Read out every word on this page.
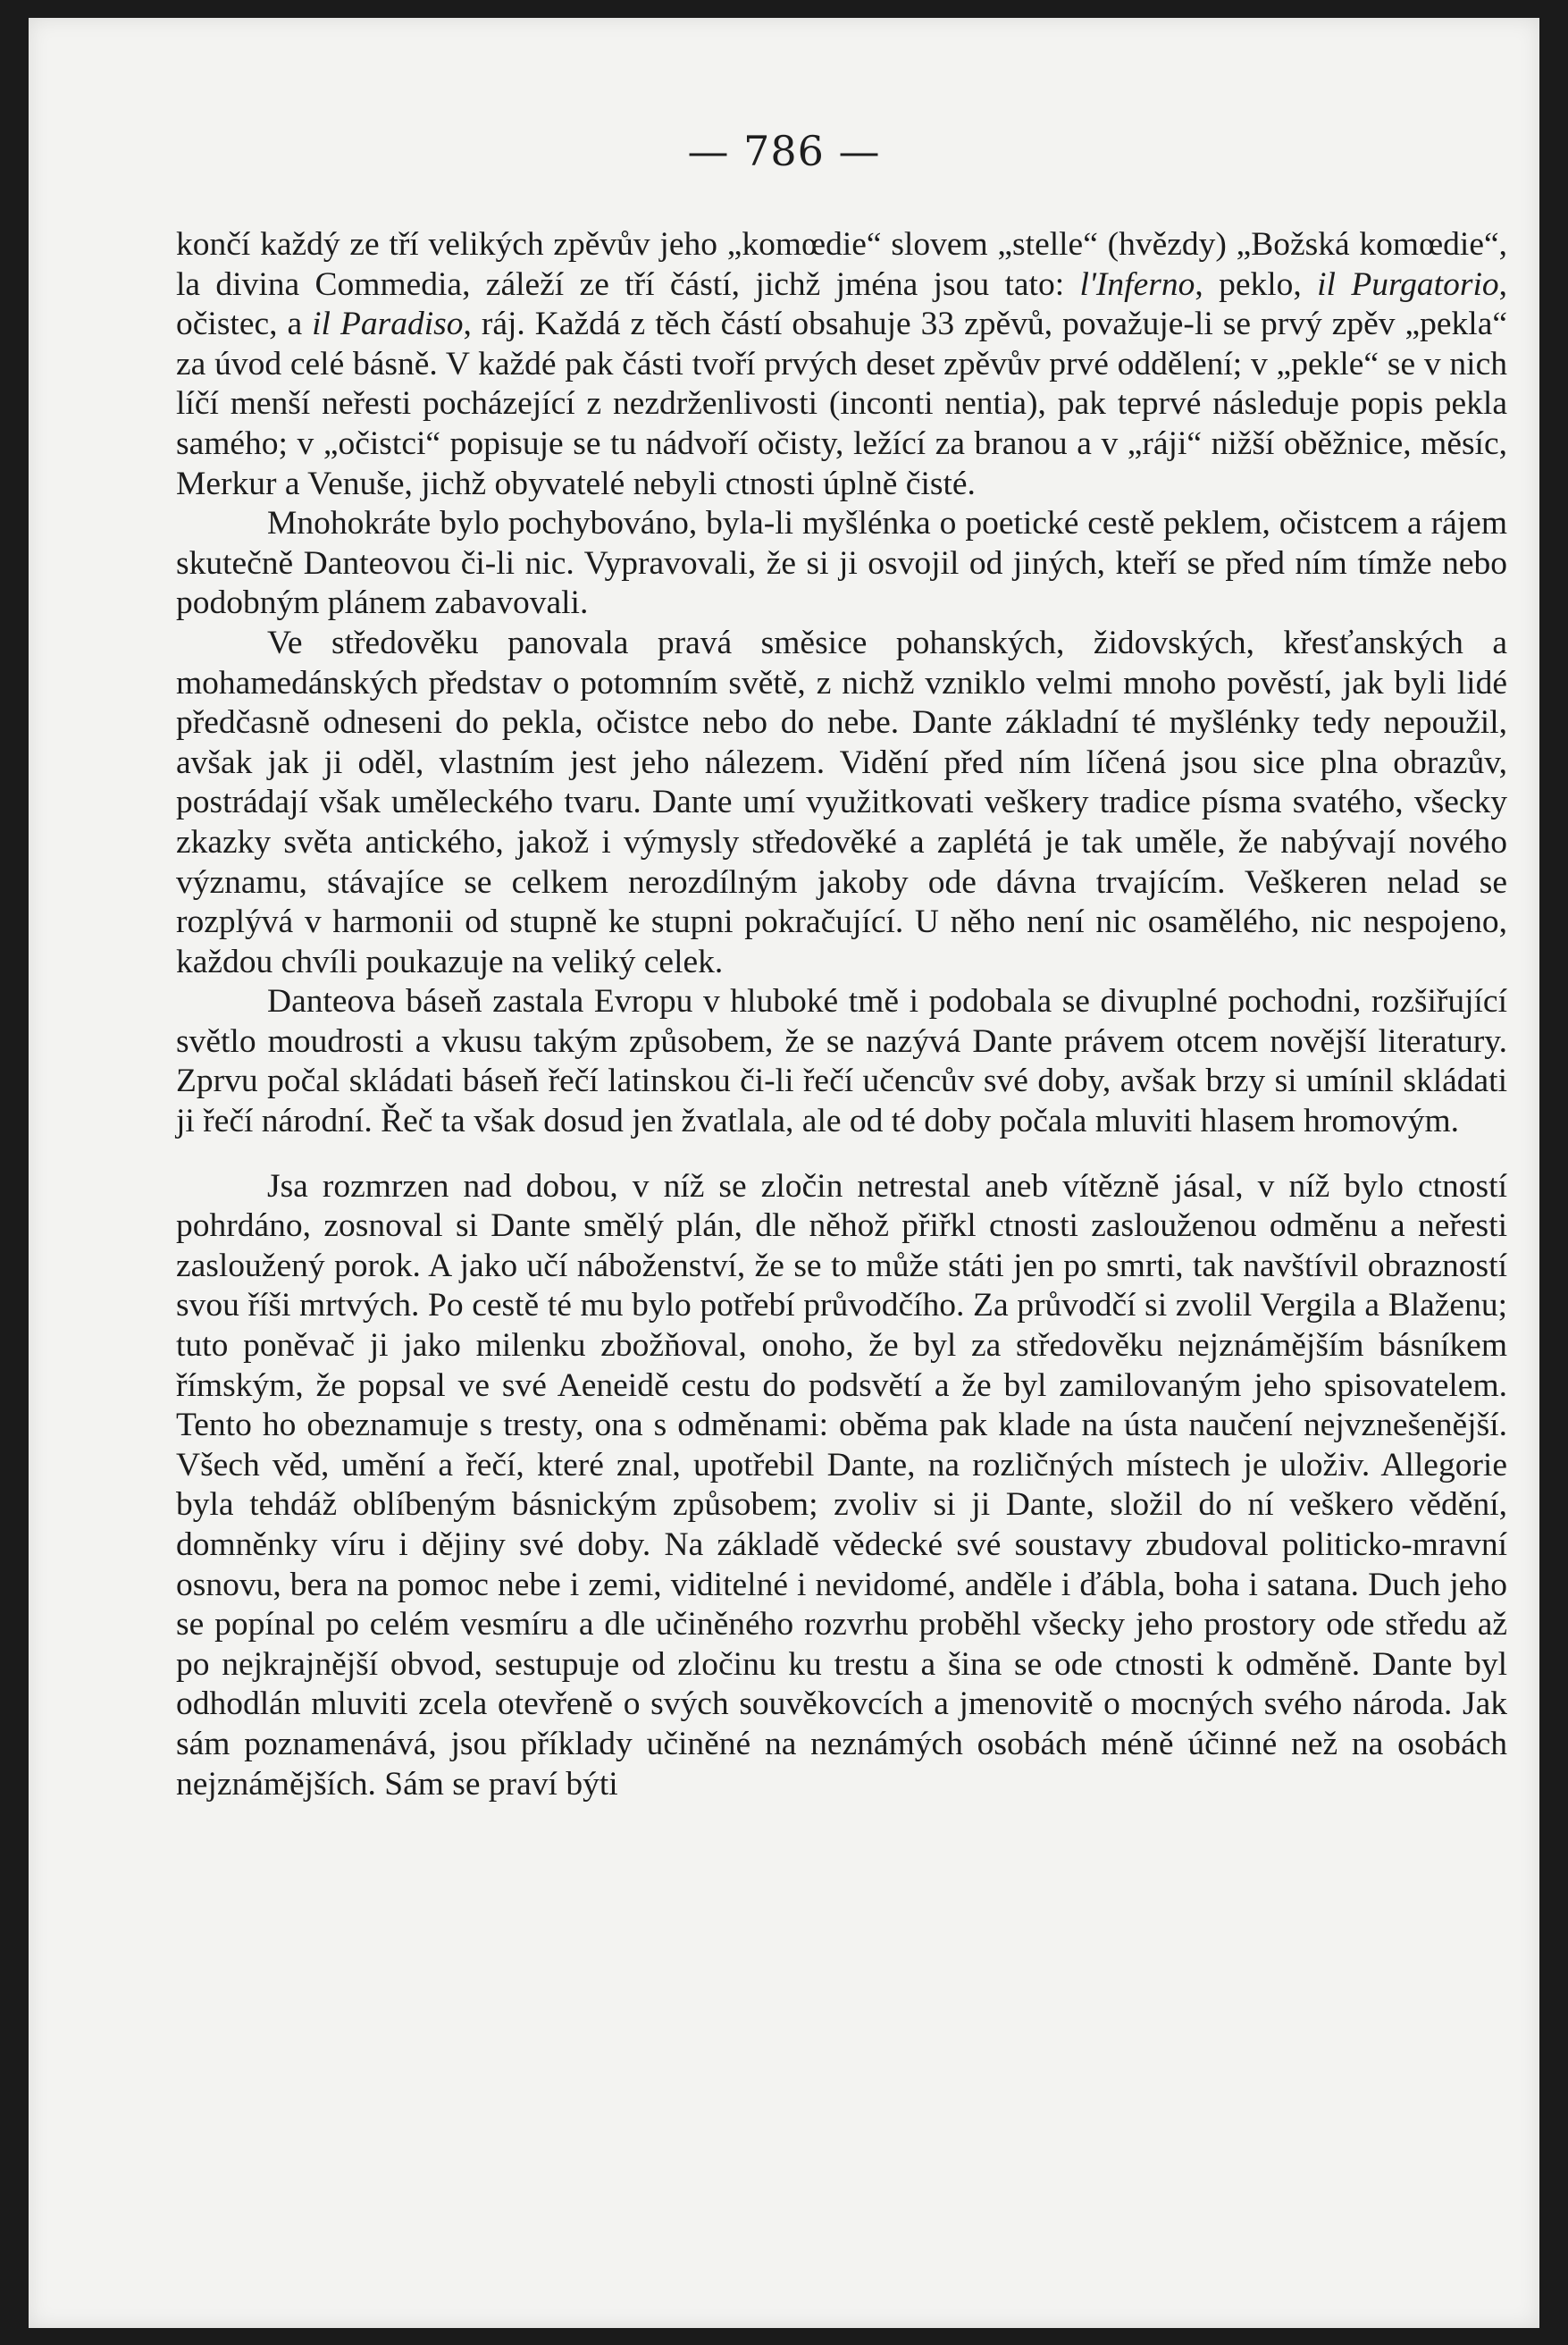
— 786 —

končí každý ze tří velikých zpěvův jeho „komœdie“ slovem „stelle“ (hvězdy) „Božská komœdie“, la divina Commedia, záleží ze tří částí, jichž jména jsou tato: l'Inferno, peklo, il Purgatorio, očistec, a il Paradiso, ráj. Každá z těch částí obsahuje 33 zpěvů, považuje-li se prvý zpěv „pekla“ za úvod celé básně. V každé pak části tvoří prvých deset zpěvův prvé oddělení; v „pekle“ se v nich líčí menší neřesti pocházející z nezdrženlivosti (inconti nentia), pak teprvé následuje popis pekla samého; v „očistci“ popisuje se tu nádvoří očisty, ležící za branou a v „ráji“ nižší oběžnice, měsíc, Merkur a Venuše, jichž obyvatelé nebyli ctnosti úplně čisté.

Mnohokráte bylo pochybováno, byla-li myšlénka o poetické cestě peklem, očistcem a rájem skutečně Danteovou či-li nic. Vypravovali, že si ji osvojil od jiných, kteří se před ním tímže nebo podobným plánem zabavovali.

Ve středověku panovala pravá směsice pohanských, židovských, křesťanských a mohamedánských představ o potomním světě, z nichž vzniklo velmi mnoho pověstí, jak byli lidé předčasně odneseni do pekla, očistce nebo do nebe. Dante základní té myšlénky tedy nepoužil, avšak jak ji oděl, vlastním jest jeho nálezem. Vidění před ním líčená jsou sice plna obrazův, postrádají však uměleckého tvaru. Dante umí využitkovati veškery tradice písma svatého, všecky zkazky světa antického, jakož i výmysly středověké a zaplétá je tak uměle, že nabývají nového významu, stávajíce se celkem nerozdílným jakoby ode dávna trvajícím. Veškeren nelad se rozplývá v harmonii od stupně ke stupni pokračující. U něho není nic osamělého, nic nespojeno, každou chvíli poukazuje na veliký celek.

Danteova báseň zastala Evropu v hluboké tmě i podobala se divuplné pochodni, rozšiřující světlo moudrosti a vkusu takým způsobem, že se nazývá Dante právem otcem novější literatury. Zprvu počal skládati báseň řečí latinskou či-li řečí učencův své doby, avšak brzy si umínil skládati ji řečí národní. Řeč ta však dosud jen žvatlala, ale od té doby počala mluviti hlasem hromovým.

Jsa rozmrzen nad dobou, v níž se zločin netrestal aneb vítězně jásal, v níž bylo ctností pohrdáno, zosnoval si Dante smělý plán, dle něhož přiřkl ctnosti zaslouženou odměnu a neřesti zasloužený porok. A jako učí náboženství, že se to může státi jen po smrti, tak navštívil obrazností svou říši mrtvých. Po cestě té mu bylo potřebí průvodčího. Za průvodčí si zvolil Vergila a Blaženu; tuto poněvač ji jako milenku zbožňoval, onoho, že byl za středověku nejznámějším básníkem římským, že popsal ve své Aeneidě cestu do podsvětí a že byl zamilovaným jeho spisovatelem. Tento ho obeznamuje s tresty, ona s odměnami: oběma pak klade na ústa naučení nejvznešenější. Všech věd, umění a řečí, které znal, upotřebil Dante, na rozličných místech je uloživ. Allegorie byla tehdáž oblíbeným básnickým způsobem; zvoliv si ji Dante, složil do ní veškero vědění, domněnky víru i dějiny své doby. Na základě vědecké své soustavy zbudoval politicko-mravní osnovu, bera na pomoc nebe i zemi, viditelné i nevidomé, anděle i ďábla, boha i satana. Duch jeho se popínal po celém vesmíru a dle učiněného rozvrhu proběhl všecky jeho prostory ode středu až po nejkrajnější obvod, sestupuje od zločinu ku trestu a šina se ode ctnosti k odměně. Dante byl odhodlán mluviti zcela otevřeně o svých souvěkovcích a jmenovitě o mocných svého národa. Jak sám poznamenává, jsou příklady učiněné na neznámých osobách méně účinné než na osobách nejznámějších. Sám se praví býti
